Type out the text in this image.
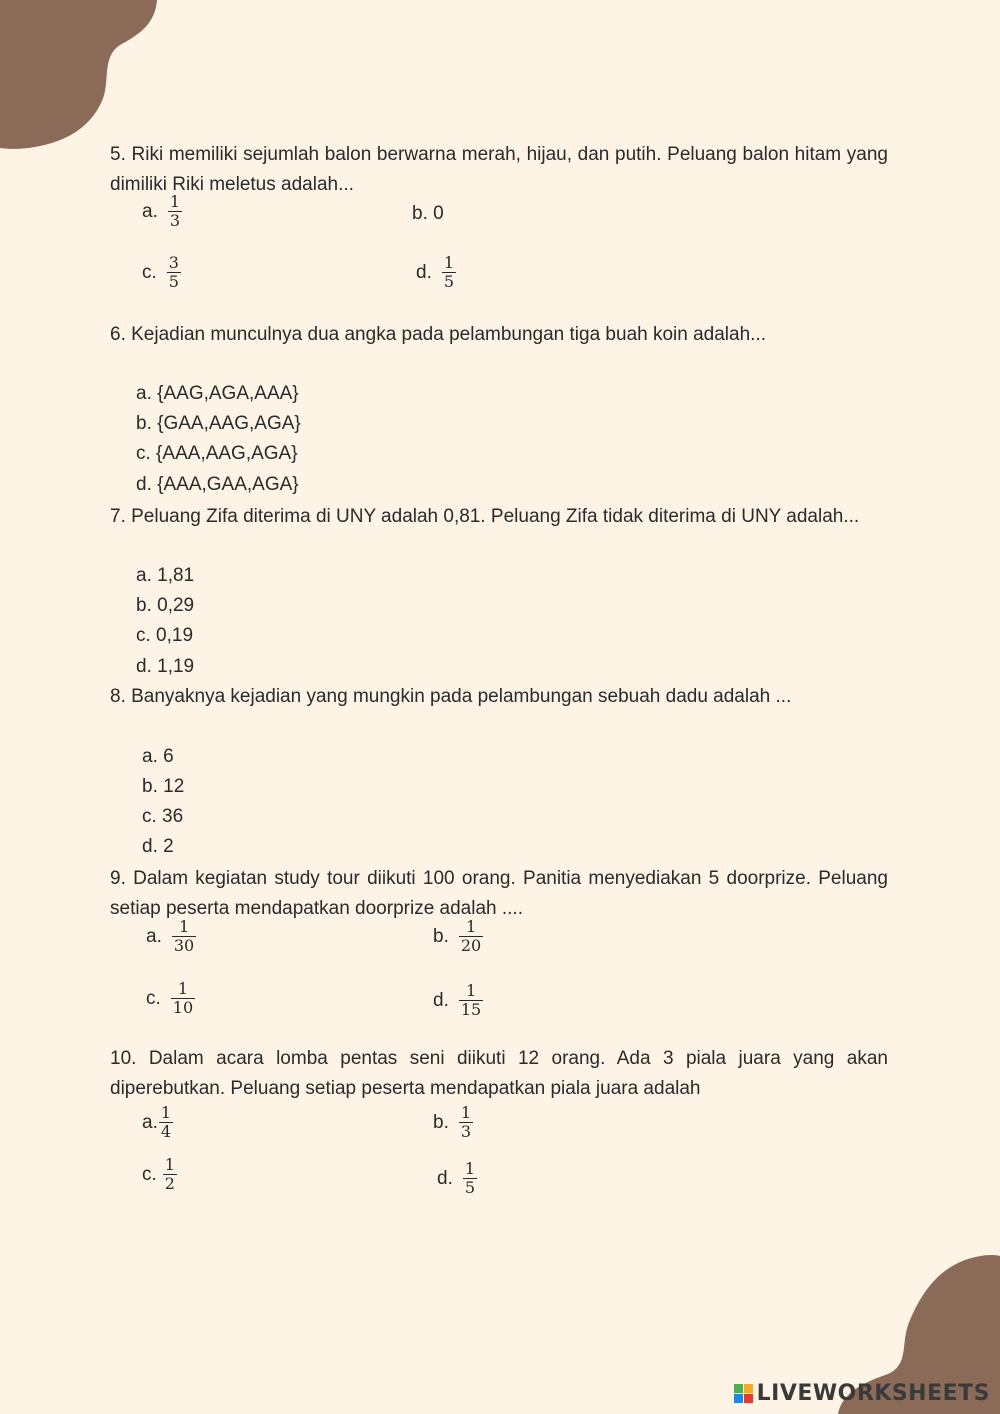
5. Riki memiliki sejumlah balon berwarna merah, hijau, dan putih. Peluang balon hitam yang dimiliki Riki meletus adalah...
a. $\frac{1}{3}$	b. 0
c. $\frac{3}{5}$	d. $\frac{1}{5}$
6. Kejadian munculnya dua angka pada pelambungan tiga buah koin adalah...
a. {AAG,AGA,AAA}
b. {GAA,AAG,AGA}
c. {AAA,AAG,AGA}
d. {AAA,GAA,AGA}
7. Peluang Zifa diterima di UNY adalah 0,81. Peluang Zifa tidak diterima di UNY adalah...
a. 1,81
b. 0,29
c. 0,19
d. 1,19
8. Banyaknya kejadian yang mungkin pada pelambungan sebuah dadu adalah ...
a. 6
b. 12
c. 36
d. 2
9. Dalam kegiatan study tour diikuti 100 orang. Panitia menyediakan 5 doorprize. Peluang setiap peserta mendapatkan doorprize adalah ....
a. $\frac{1}{30}$	b. $\frac{1}{20}$
c. $\frac{1}{10}$	d. $\frac{1}{15}$
10. Dalam acara lomba pentas seni diikuti 12 orang. Ada 3 piala juara yang akan diperebutkan. Peluang setiap peserta mendapatkan piala juara adalah
a. $\frac{1}{4}$	b. $\frac{1}{3}$
c. $\frac{1}{2}$	d. $\frac{1}{5}$
LIVEWORKSHEETS
